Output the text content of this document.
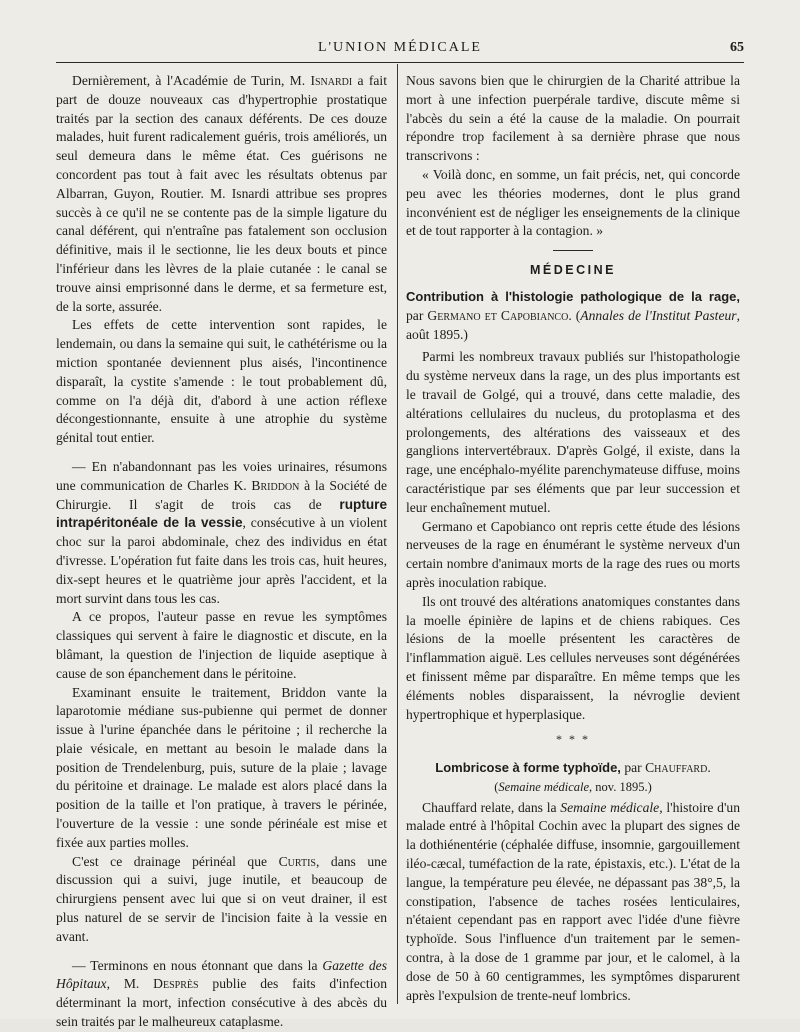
L'UNION MÉDICALE	65

Dernièrement, à l'Académie de Turin, M. Isnardi a fait part de douze nouveaux cas d'hypertrophie prostatique traités par la section des canaux déférents. De ces douze malades, huit furent radicalement guéris, trois améliorés, un seul demeura dans le même état. Ces guérisons ne concordent pas tout à fait avec les résultats obtenus par Albarran, Guyon, Routier. M. Isnardi attribue ses propres succès à ce qu'il ne se contente pas de la simple ligature du canal déférent, qui n'entraîne pas fatalement son occlusion définitive, mais il le sectionne, lie les deux bouts et pince l'inférieur dans les lèvres de la plaie cutanée : le canal se trouve ainsi emprisonné dans le derme, et sa fermeture est, de la sorte, assurée.

Les effets de cette intervention sont rapides, le lendemain, ou dans la semaine qui suit, le cathétérisme ou la miction spontanée deviennent plus aisés, l'incontinence disparaît, la cystite s'amende : le tout probablement dû, comme on l'a déjà dit, d'abord à une action réflexe décongestionnante, ensuite à une atrophie du système génital tout entier.

— En n'abandonnant pas les voies urinaires, résumons une communication de Charles K. Briddon à la Société de Chirurgie. Il s'agit de trois cas de rupture intrapéritonéale de la vessie, consécutive à un violent choc sur la paroi abdominale, chez des individus en état d'ivresse. L'opération fut faite dans les trois cas, huit heures, dix-sept heures et le quatrième jour après l'accident, et la mort survint dans tous les cas.

A ce propos, l'auteur passe en revue les symptômes classiques qui servent à faire le diagnostic et discute, en la blâmant, la question de l'injection de liquide aseptique à cause de son épanchement dans le péritoine.

Examinant ensuite le traitement, Briddon vante la laparotomie médiane sus-pubienne qui permet de donner issue à l'urine épanchée dans le péritoine ; il recherche la plaie vésicale, en mettant au besoin le malade dans la position de Trendelenburg, puis, suture de la plaie ; lavage du péritoine et drainage. Le malade est alors placé dans la position de la taille et l'on pratique, à travers le périnée, l'ouverture de la vessie : une sonde périnéale est mise et fixée aux parties molles.

C'est ce drainage périnéal que Curtis, dans une discussion qui a suivi, juge inutile, et beaucoup de chirurgiens pensent avec lui que si on veut drainer, il est plus naturel de se servir de l'incision faite à la vessie en avant.

— Terminons en nous étonnant que dans la Gazette des Hôpitaux, M. Desprès publie des faits d'infection déterminant la mort, infection consécutive à des abcès du sein traités par le malheureux cataplasme.

Nous savons bien que le chirurgien de la Charité attribue la mort à une infection puerpérale tardive, discute même si l'abcès du sein a été la cause de la maladie. On pourrait répondre trop facilement à sa dernière phrase que nous transcrivons :

« Voilà donc, en somme, un fait précis, net, qui concorde peu avec les théories modernes, dont le plus grand inconvénient est de négliger les enseignements de la clinique et de tout rapporter à la contagion. »

MÉDECINE

Contribution à l'histologie pathologique de la rage, par Germano et Capobianco. (Annales de l'Institut Pasteur, août 1895.)

Parmi les nombreux travaux publiés sur l'histopathologie du système nerveux dans la rage, un des plus importants est le travail de Golgé, qui a trouvé, dans cette maladie, des altérations cellulaires du nucleus, du protoplasma et des prolongements, des altérations des vaisseaux et des ganglions intervertébraux. D'après Golgé, il existe, dans la rage, une encéphalo-myélite parenchymateuse diffuse, moins caractéristique par ses éléments que par leur succession et leur enchaînement mutuel.

Germano et Capobianco ont repris cette étude des lésions nerveuses de la rage en énumérant le système nerveux d'un certain nombre d'animaux morts de la rage des rues ou morts après inoculation rabique.

Ils ont trouvé des altérations anatomiques constantes dans la moelle épinière de lapins et de chiens rabiques. Ces lésions de la moelle présentent les caractères de l'inflammation aiguë. Les cellules nerveuses sont dégénérées et finissent même par disparaître. En même temps que les éléments nobles disparaissent, la névroglie devient hypertrophique et hyperplasique.

* * *

Lombricose à forme typhoïde, par Chauffard.

(Semaine médicale, nov. 1895.)

Chauffard relate, dans la Semaine médicale, l'histoire d'un malade entré à l'hôpital Cochin avec la plupart des signes de la dothiénentérie (céphalée diffuse, insomnie, gargouillement iléo-cæcal, tuméfaction de la rate, épistaxis, etc.). L'état de la langue, la température peu élevée, ne dépassant pas 38°,5, la constipation, l'absence de taches rosées lenticulaires, n'étaient cependant pas en rapport avec l'idée d'une fièvre typhoïde. Sous l'influence d'un traitement par le semen-contra, à la dose de 1 gramme par jour, et le calomel, à la dose de 50 à 60 centigrammes, les symptômes disparurent après l'expulsion de trente-neuf lombrics.
